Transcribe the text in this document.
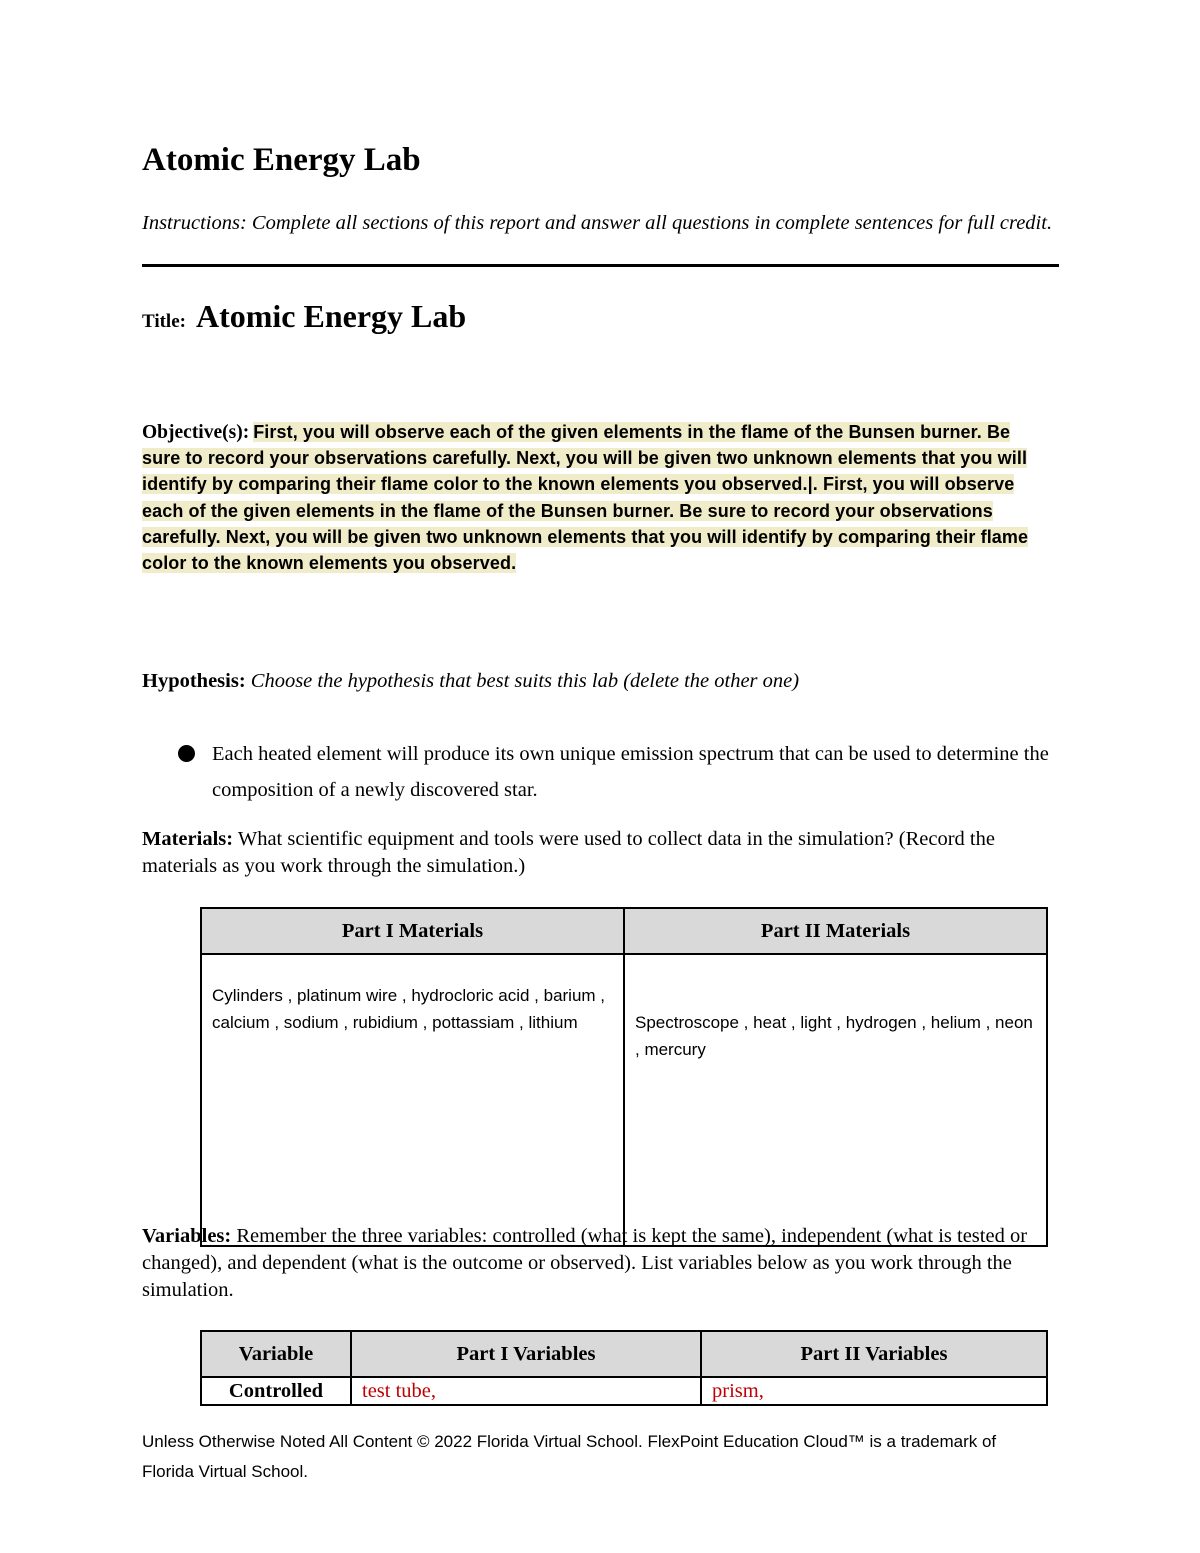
Atomic Energy Lab
Instructions: Complete all sections of this report and answer all questions in complete sentences for full credit.
Title: Atomic Energy Lab
Objective(s): First, you will observe each of the given elements in the flame of the Bunsen burner. Be sure to record your observations carefully. Next, you will be given two unknown elements that you will identify by comparing their flame color to the known elements you observed.|. First, you will observe each of the given elements in the flame of the Bunsen burner. Be sure to record your observations carefully. Next, you will be given two unknown elements that you will identify by comparing their flame color to the known elements you observed.
Hypothesis: Choose the hypothesis that best suits this lab (delete the other one)
Each heated element will produce its own unique emission spectrum that can be used to determine the composition of a newly discovered star.
Materials: What scientific equipment and tools were used to collect data in the simulation? (Record the materials as you work through the simulation.)
Part I Materials	Part II Materials
Cylinders , platinum wire , hydrocloric acid , barium , calcium , sodium , rubidium , pottassiam , lithium	Spectroscope , heat , light , hydrogen , helium , neon , mercury
Variables: Remember the three variables: controlled (what is kept the same), independent (what is tested or changed), and dependent (what is the outcome or observed). List variables below as you work through the simulation.
Variable	Part I Variables	Part II Variables
Controlled	test tube,	prism,
Unless Otherwise Noted All Content © 2022 Florida Virtual School. FlexPoint Education Cloud™ is a trademark of Florida Virtual School.
